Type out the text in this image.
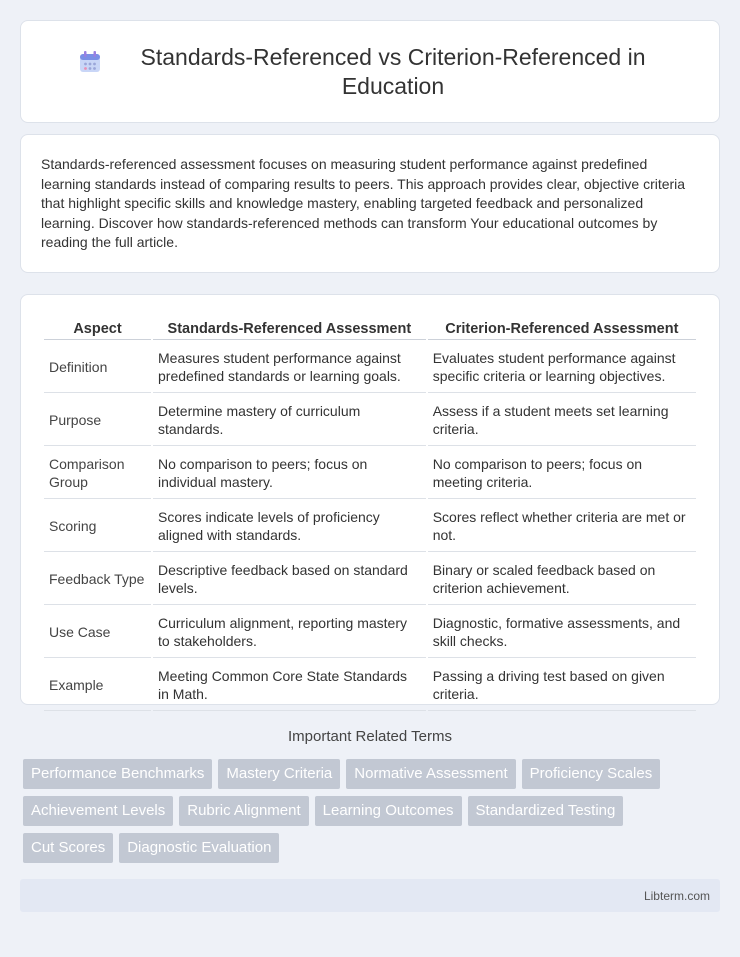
Standards-Referenced vs Criterion-Referenced in Education
Standards-referenced assessment focuses on measuring student performance against predefined learning standards instead of comparing results to peers. This approach provides clear, objective criteria that highlight specific skills and knowledge mastery, enabling targeted feedback and personalized learning. Discover how standards-referenced methods can transform Your educational outcomes by reading the full article.
Aspect	Standards-Referenced Assessment	Criterion-Referenced Assessment
Definition	Measures student performance against predefined standards or learning goals.	Evaluates student performance against specific criteria or learning objectives.
Purpose	Determine mastery of curriculum standards.	Assess if a student meets set learning criteria.
Comparison Group	No comparison to peers; focus on individual mastery.	No comparison to peers; focus on meeting criteria.
Scoring	Scores indicate levels of proficiency aligned with standards.	Scores reflect whether criteria are met or not.
Feedback Type	Descriptive feedback based on standard levels.	Binary or scaled feedback based on criterion achievement.
Use Case	Curriculum alignment, reporting mastery to stakeholders.	Diagnostic, formative assessments, and skill checks.
Example	Meeting Common Core State Standards in Math.	Passing a driving test based on given criteria.
Important Related Terms
Performance Benchmarks	Mastery Criteria	Normative Assessment	Proficiency Scales
Achievement Levels	Rubric Alignment	Learning Outcomes	Standardized Testing
Cut Scores	Diagnostic Evaluation
Libterm.com
